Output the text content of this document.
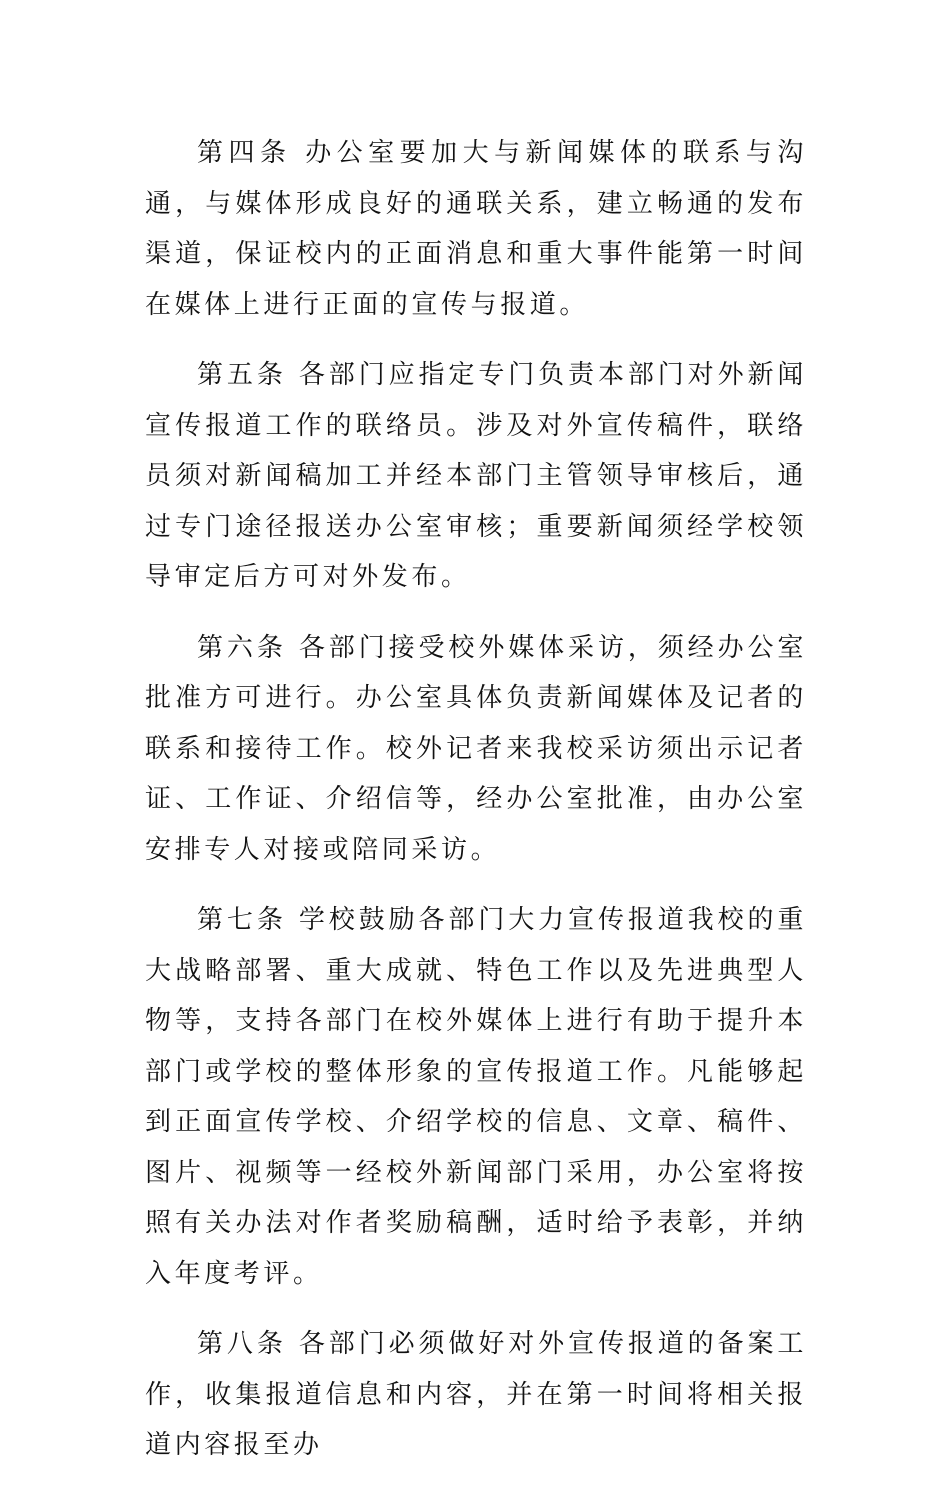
第四条 办公室要加大与新闻媒体的联系与沟通，与媒体形成良好的通联关系，建立畅通的发布渠道，保证校内的正面消息和重大事件能第一时间在媒体上进行正面的宣传与报道。

第五条 各部门应指定专门负责本部门对外新闻宣传报道工作的联络员。涉及对外宣传稿件，联络员须对新闻稿加工并经本部门主管领导审核后，通过专门途径报送办公室审核；重要新闻须经学校领导审定后方可对外发布。

第六条 各部门接受校外媒体采访，须经办公室批准方可进行。办公室具体负责新闻媒体及记者的联系和接待工作。校外记者来我校采访须出示记者证、工作证、介绍信等，经办公室批准，由办公室安排专人对接或陪同采访。

第七条 学校鼓励各部门大力宣传报道我校的重大战略部署、重大成就、特色工作以及先进典型人物等，支持各部门在校外媒体上进行有助于提升本部门或学校的整体形象的宣传报道工作。凡能够起到正面宣传学校、介绍学校的信息、文章、稿件、图片、视频等一经校外新闻部门采用，办公室将按照有关办法对作者奖励稿酬，适时给予表彰，并纳入年度考评。

第八条 各部门必须做好对外宣传报道的备案工作，收集报道信息和内容，并在第一时间将相关报道内容报至办
